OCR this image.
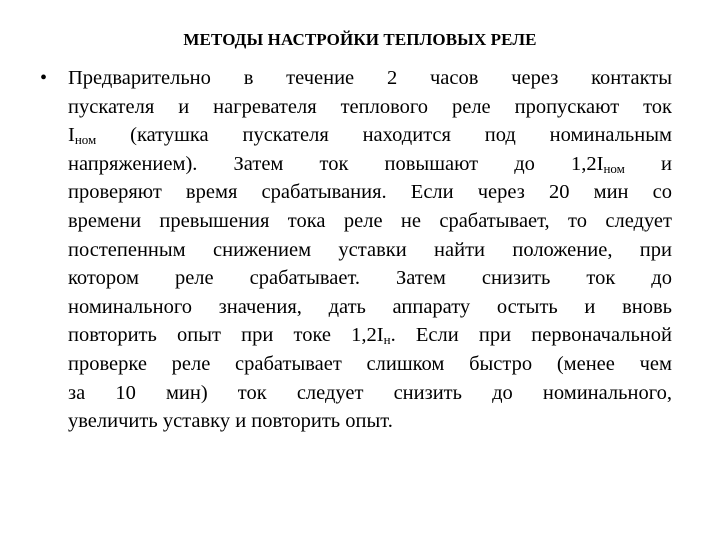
МЕТОДЫ НАСТРОЙКИ ТЕПЛОВЫХ РЕЛЕ
• Предварительно в течение 2 часов через контакты
пускателя и нагревателя теплового реле пропускают ток
$I_{ном}$ (катушка пускателя находится под номинальным
напряжением). Затем ток повышают до $1,2I_{ном}$ и
проверяют время срабатывания. Если через 20 мин со
времени превышения тока реле не срабатывает, то следует
постепенным снижением уставки найти положение, при
котором реле срабатывает. Затем снизить ток до
номинального значения, дать аппарату остыть и вновь
повторить опыт при токе $1,2I_н$. Если при первоначальной
проверке реле срабатывает слишком быстро (менее чем
за 10 мин) ток следует снизить до номинального,
увеличить уставку и повторить опыт.
